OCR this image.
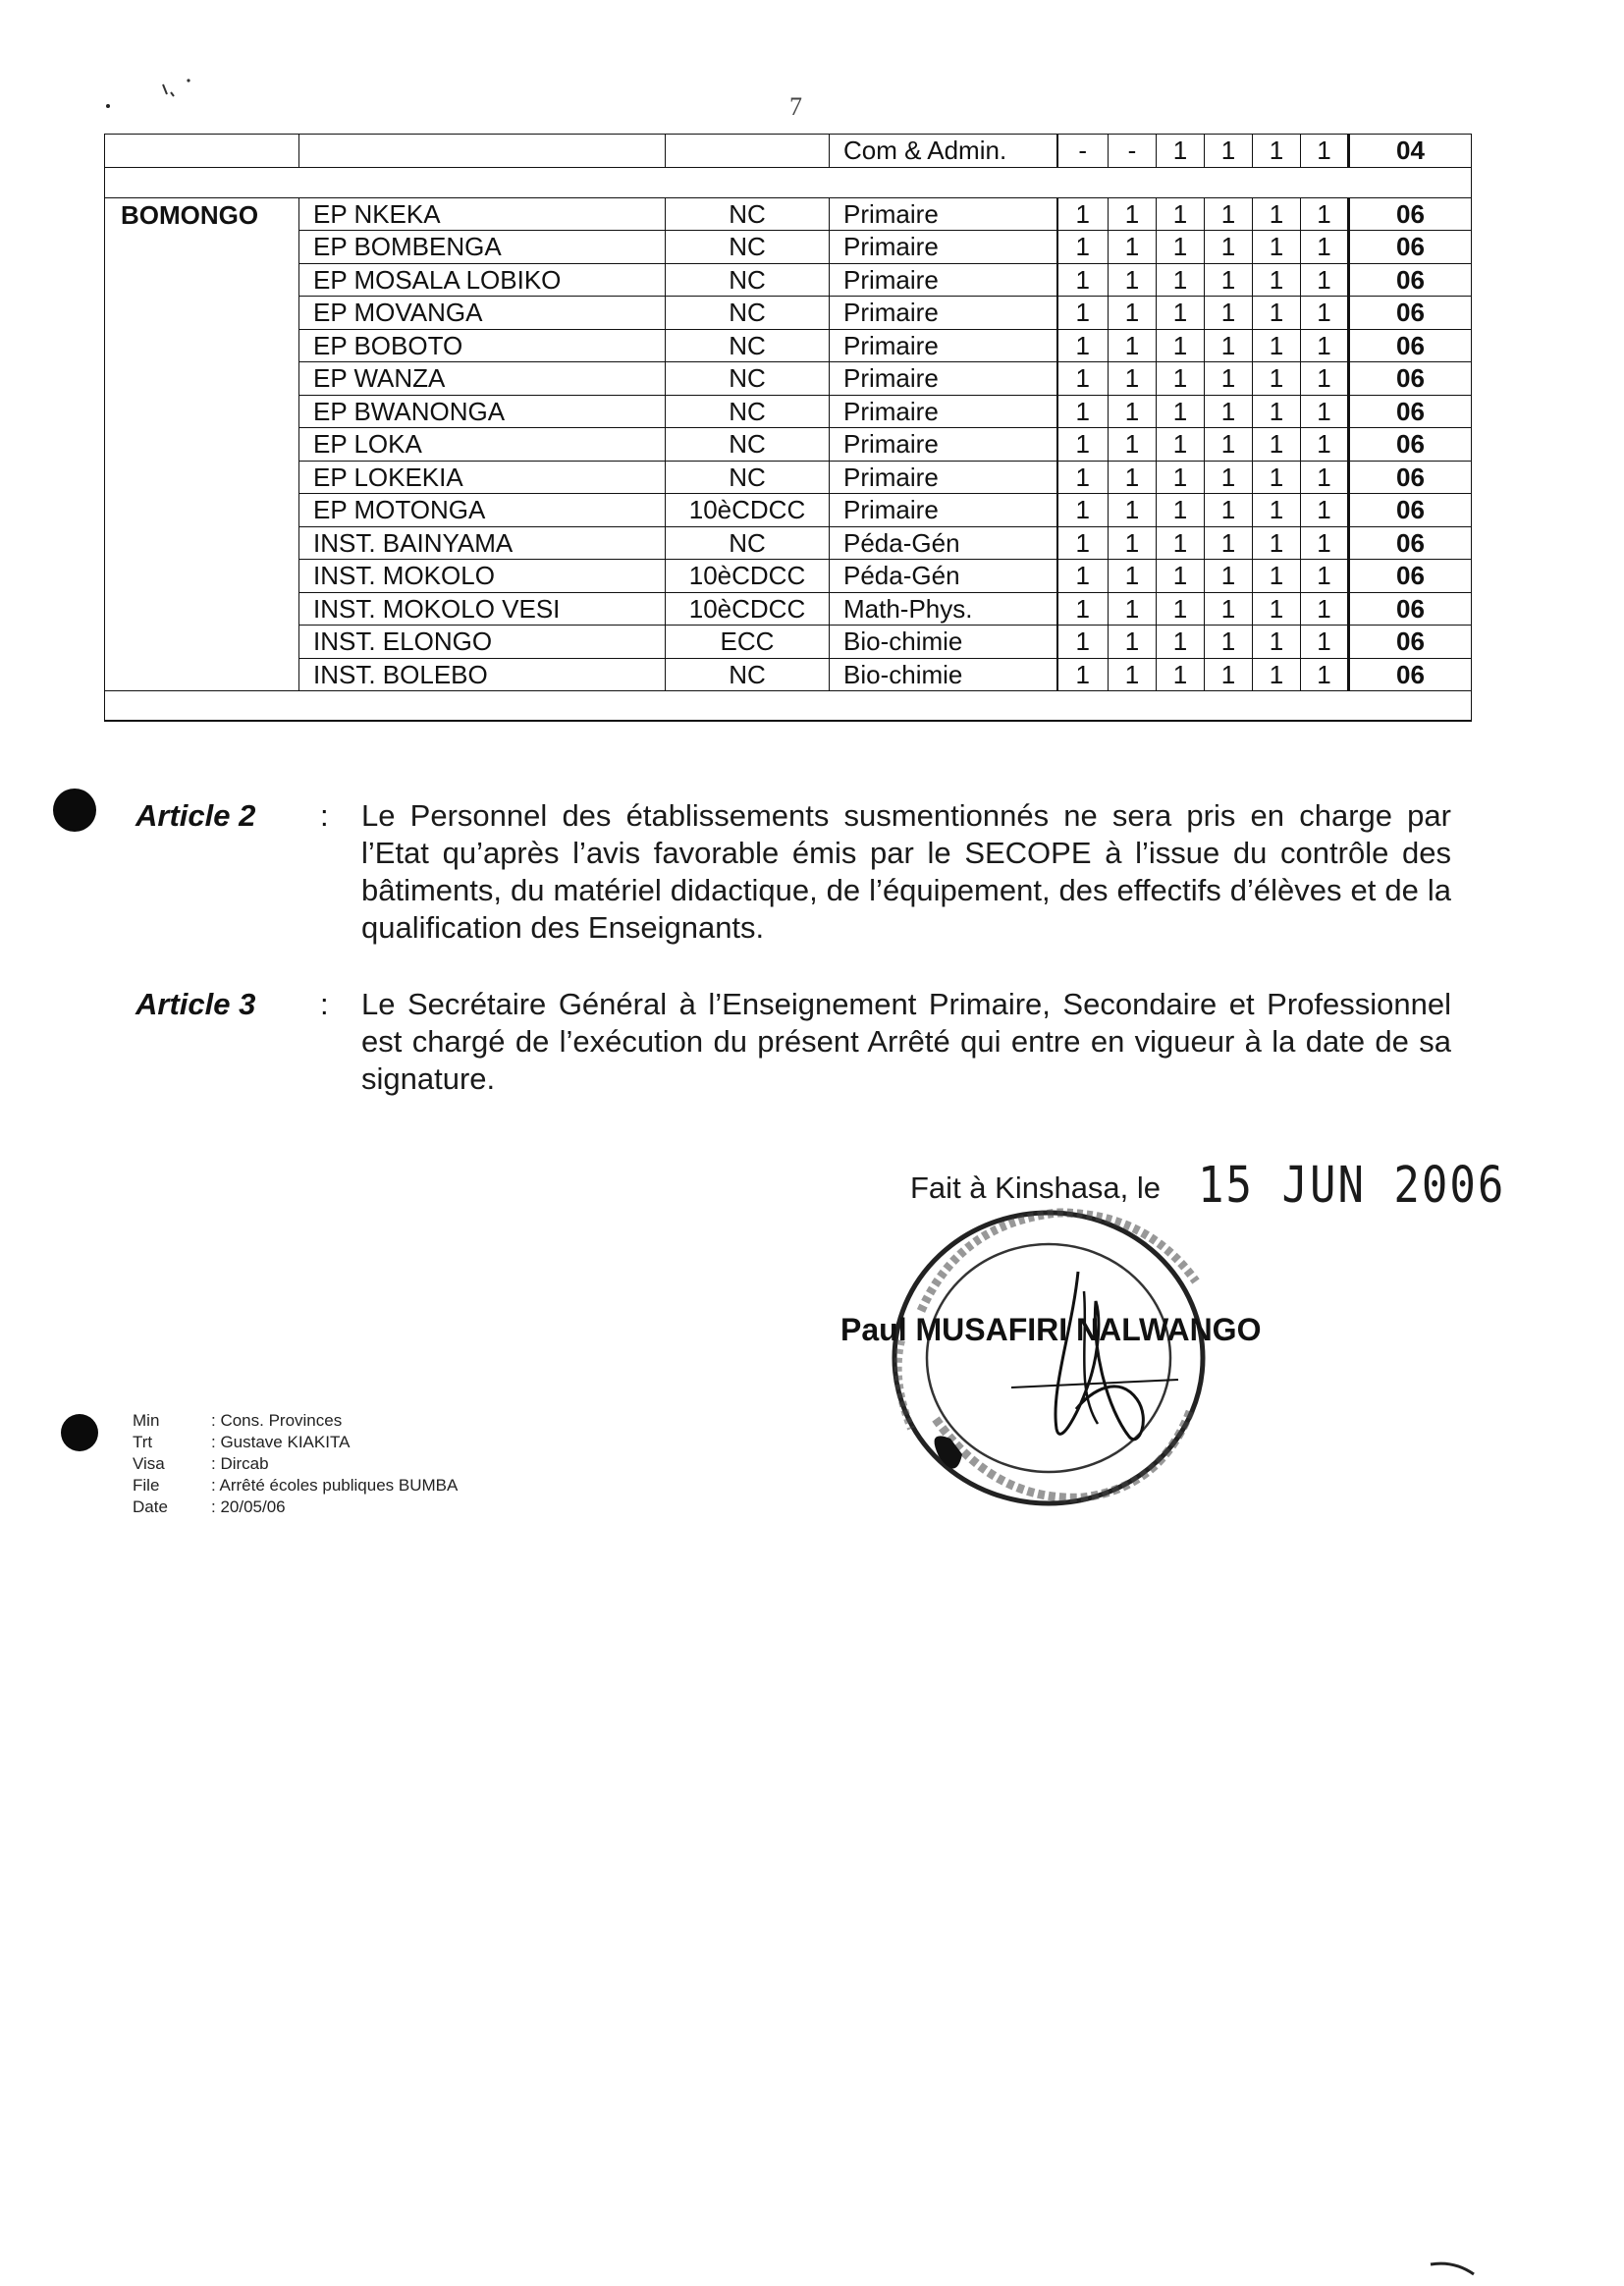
7
			Com & Admin.	-	-	1	1	1	1	04

BOMONGO	EP NKEKA	NC	Primaire	1	1	1	1	1	1	06
	EP BOMBENGA	NC	Primaire	1	1	1	1	1	1	06
	EP MOSALA LOBIKO	NC	Primaire	1	1	1	1	1	1	06
	EP MOVANGA	NC	Primaire	1	1	1	1	1	1	06
	EP BOBOTO	NC	Primaire	1	1	1	1	1	1	06
	EP WANZA	NC	Primaire	1	1	1	1	1	1	06
	EP BWANONGA	NC	Primaire	1	1	1	1	1	1	06
	EP LOKA	NC	Primaire	1	1	1	1	1	1	06
	EP LOKEKIA	NC	Primaire	1	1	1	1	1	1	06
	EP MOTONGA	10èCDCC	Primaire	1	1	1	1	1	1	06
	INST. BAINYAMA	NC	Péda-Gén	1	1	1	1	1	1	06
	INST. MOKOLO	10èCDCC	Péda-Gén	1	1	1	1	1	1	06
	INST. MOKOLO VESI	10èCDCC	Math-Phys.	1	1	1	1	1	1	06
	INST. ELONGO	ECC	Bio-chimie	1	1	1	1	1	1	06
	INST. BOLEBO	NC	Bio-chimie	1	1	1	1	1	1	06

Article 2 : Le Personnel des établissements susmentionnés ne sera pris en charge par l’Etat qu’après l’avis favorable émis par le SECOPE à l’issue du contrôle des bâtiments, du matériel didactique, de l’équipement, des effectifs d’élèves et de la qualification des Enseignants.
Article 3 : Le Secrétaire Général à l’Enseignement Primaire, Secondaire et Professionnel est chargé de l’exécution du présent Arrêté qui entre en vigueur à la date de sa signature.
Fait à Kinshasa, le 15 JUN 2006
Paul MUSAFIRI NALWANGO
Min	: Cons. Provinces
Trt	: Gustave KIAKITA
Visa	: Dircab
File	: Arrêté écoles publiques BUMBA
Date	: 20/05/06
